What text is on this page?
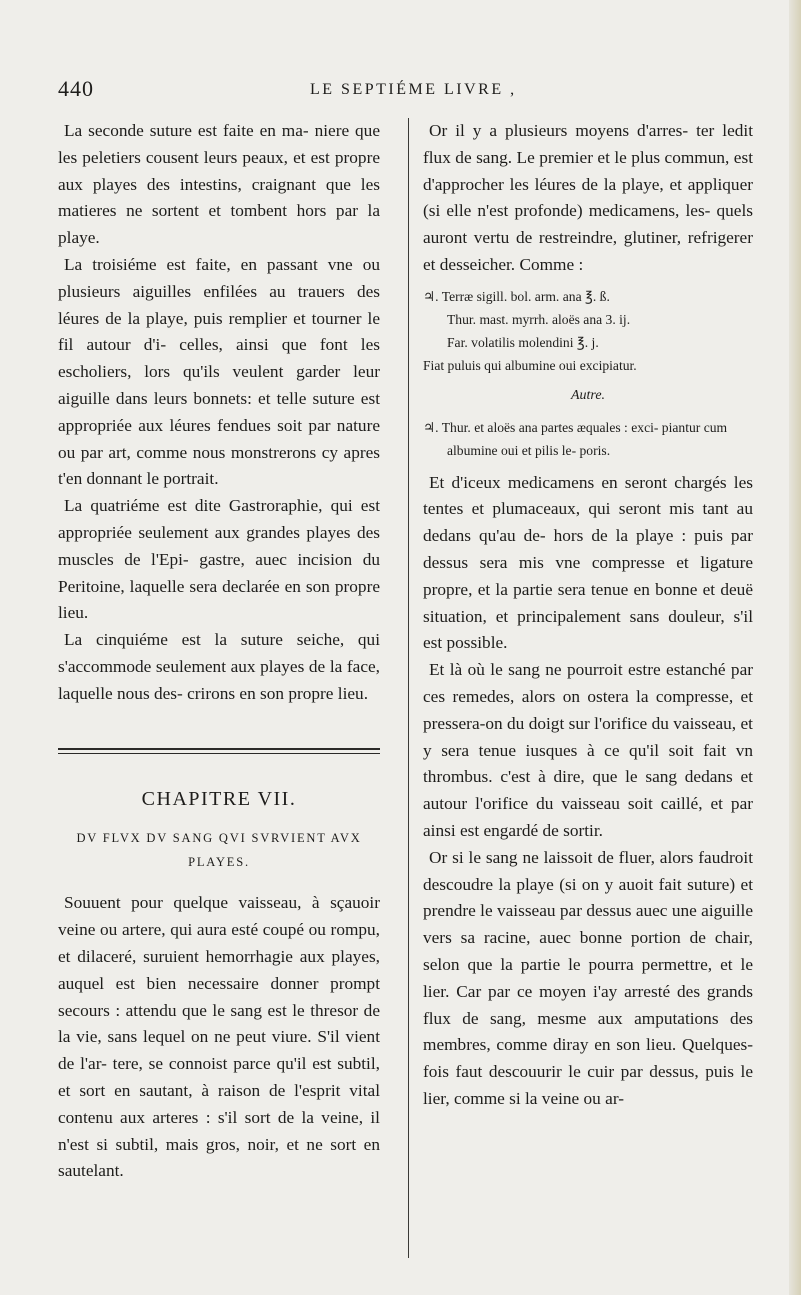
440	LE SEPTIÉME LIVRE ,

La seconde suture est faite en ma- niere que les peletiers cousent leurs peaux, et est propre aux playes des intestins, craignant que les matieres ne sortent et tombent hors par la playe.

La troisiéme est faite, en passant vne ou plusieurs aiguilles enfilées au trauers des léures de la playe, puis remplier et tourner le fil autour d'i- celles, ainsi que font les escholiers, lors qu'ils veulent garder leur aiguille dans leurs bonnets: et telle suture est appropriée aux léures fendues soit par nature ou par art, comme nous monstrerons cy apres t'en donnant le portrait.

La quatriéme est dite Gastroraphie, qui est appropriée seulement aux grandes playes des muscles de l'Epi- gastre, auec incision du Peritoine, laquelle sera declarée en son propre lieu.

La cinquiéme est la suture seiche, qui s'accommode seulement aux playes de la face, laquelle nous des- crirons en son propre lieu.

CHAPITRE VII.
DV FLVX DV SANG QVI SVRVIENT AVX PLAYES.

Souuent pour quelque vaisseau, à sçauoir veine ou artere, qui aura esté coupé ou rompu, et dilaceré, suruient hemorrhagie aux playes, auquel est bien necessaire donner prompt secours : attendu que le sang est le thresor de la vie, sans lequel on ne peut viure. S'il vient de l'ar- tere, se connoist parce qu'il est subtil, et sort en sautant, à raison de l'esprit vital contenu aux arteres : s'il sort de la veine, il n'est si subtil, mais gros, noir, et ne sort en sautelant.

Or il y a plusieurs moyens d'arres- ter ledit flux de sang. Le premier et le plus commun, est d'approcher les léures de la playe, et appliquer (si elle n'est profonde) medicamens, les- quels auront vertu de restreindre, glutiner, refrigerer et desseicher. Comme :

♃. Terræ sigill. bol. arm. ana ℥. ß.
Thur. mast. myrrh. aloës ana 3. ij.
Far. volatilis molendini ℥. j.
Fiat puluis qui albumine oui excipiatur.
Autre.
♃. Thur. et aloës ana partes æquales : exci- piantur cum albumine oui et pilis le- poris.

Et d'iceux medicamens en seront chargés les tentes et plumaceaux, qui seront mis tant au dedans qu'au de- hors de la playe : puis par dessus sera mis vne compresse et ligature propre, et la partie sera tenue en bonne et deuë situation, et principalement sans douleur, s'il est possible.

Et là où le sang ne pourroit estre estanché par ces remedes, alors on ostera la compresse, et pressera-on du doigt sur l'orifice du vaisseau, et y sera tenue iusques à ce qu'il soit fait vn thrombus. c'est à dire, que le sang dedans et autour l'orifice du vaisseau soit caillé, et par ainsi est engardé de sortir.

Or si le sang ne laissoit de fluer, alors faudroit descoudre la playe (si on y auoit fait suture) et prendre le vaisseau par dessus auec une aiguille vers sa racine, auec bonne portion de chair, selon que la partie le pourra permettre, et le lier. Car par ce moyen i'ay arresté des grands flux de sang, mesme aux amputations des membres, comme diray en son lieu. Quelques- fois faut descouurir le cuir par dessus, puis le lier, comme si la veine ou ar-
